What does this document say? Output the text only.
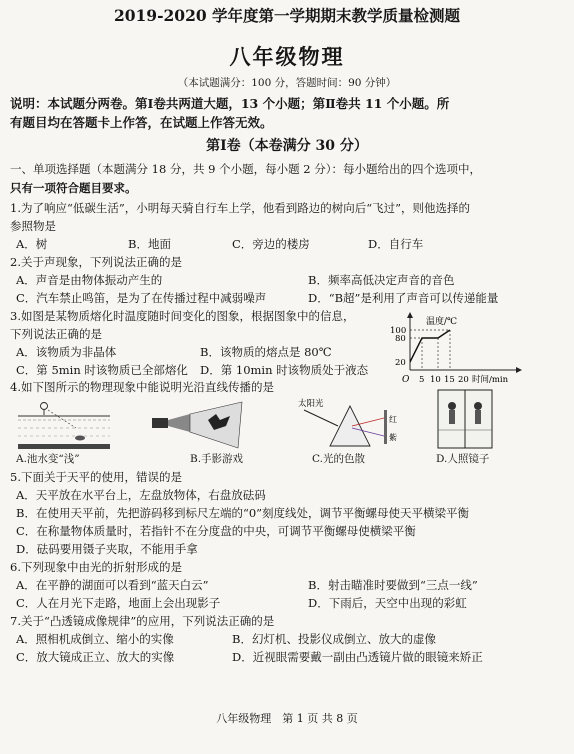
2019-2020 学年度第一学期期末教学质量检测题
八年级物理
（本试题满分：100 分，答题时间：90 分钟）
说明：本试题分两卷。第Ⅰ卷共两道大题，13 个小题；第Ⅱ卷共 11 个小题。所
有题目均在答题卡上作答，在试题上作答无效。
第Ⅰ卷（本卷满分 30 分）
一、单项选择题（本题满分 18 分，共 9 个小题，每小题 2 分）：每小题给出的四个选项中，
只有一项符合题目要求。
1.为了响应“低碳生活”，小明每天骑自行车上学，他看到路边的树向后“飞过”，则他选择的
参照物是
A．树	B．地面	C．旁边的楼房	D．自行车
2.关于声现象，下列说法正确的是
A．声音是由物体振动产生的	B．频率高低决定声音的音色
C．汽车禁止鸣笛，是为了在传播过程中减弱噪声	D．“B超”是利用了声音可以传递能量
3.如图是某物质熔化时温度随时间变化的图象，根据图象中的信息，
下列说法正确的是
A．该物质为非晶体	B．该物质的熔点是 80℃
C．第 5min 时该物质已全部熔化 D．第 10min 时该物质处于液态
温度/℃
100
80
20
O 5 10 15 20 时间/min
4.如下图所示的物理现象中能说明光沿直线传播的是
A.池水变“浅”	B.手影游戏
太阳光
红
紫
C.光的色散	D.人照镜子
5.下面关于天平的使用，错误的是
A．天平放在水平台上，左盘放物体，右盘放砝码
B．在使用天平前，先把游码移到标尺左端的“0”刻度线处，调节平衡螺母使天平横梁平衡
C．在称量物体质量时，若指针不在分度盘的中央，可调节平衡螺母使横梁平衡
D．砝码要用镊子夹取，不能用手拿
6.下列现象中由光的折射形成的是
A．在平静的湖面可以看到“蓝天白云”	B．射击瞄准时要做到“三点一线”
C．人在月光下走路，地面上会出现影子	D．下雨后，天空中出现的彩虹
7.关于“凸透镜成像规律”的应用，下列说法正确的是
A．照相机成倒立、缩小的实像	B．幻灯机、投影仪成倒立、放大的虚像
C．放大镜成正立、放大的实像	D．近视眼需要戴一副由凸透镜片做的眼镜来矫正
八年级物理　第 1 页 共 8 页
